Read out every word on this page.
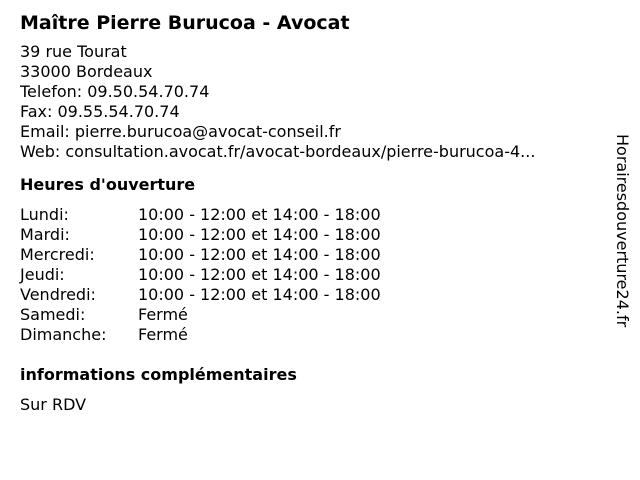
Maître Pierre Burucoa - Avocat
39 rue Tourat
33000 Bordeaux
Telefon: 09.50.54.70.74
Fax: 09.55.54.70.74
Email: pierre.burucoa@avocat-conseil.fr
Web: consultation.avocat.fr/avocat-bordeaux/pierre-burucoa-4...
Heures d'ouverture
Lundi:	10:00 - 12:00 et 14:00 - 18:00
Mardi:	10:00 - 12:00 et 14:00 - 18:00
Mercredi:	10:00 - 12:00 et 14:00 - 18:00
Jeudi:	10:00 - 12:00 et 14:00 - 18:00
Vendredi:	10:00 - 12:00 et 14:00 - 18:00
Samedi:	Fermé
Dimanche:	Fermé
informations complémentaires
Sur RDV
Horairesdouverture24.fr
